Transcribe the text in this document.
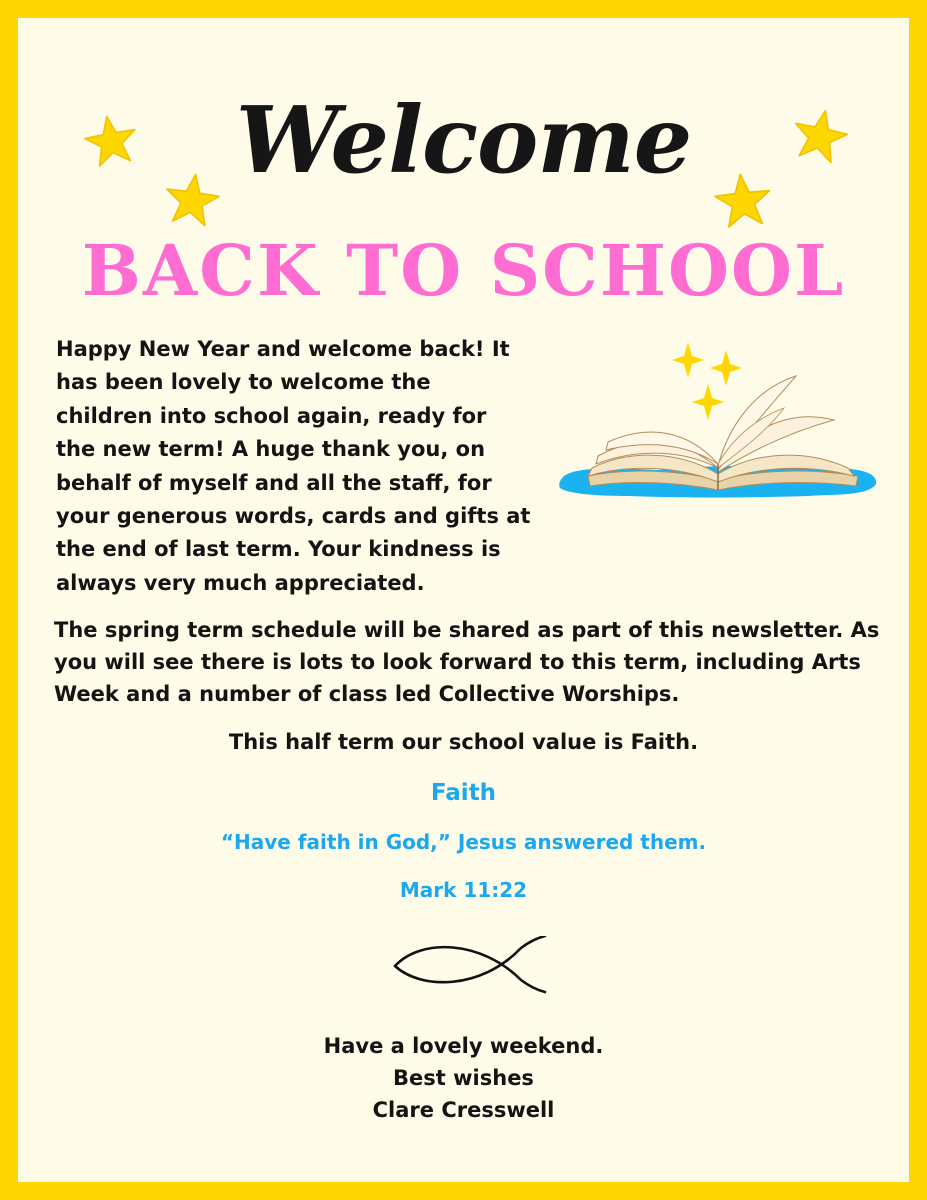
Welcome
BACK TO SCHOOL

Happy New Year and welcome back! It has been lovely to welcome the children into school again, ready for the new term! A huge thank you, on behalf of myself and all the staff, for your generous words, cards and gifts at the end of last term. Your kindness is always very much appreciated.

The spring term schedule will be shared as part of this newsletter. As you will see there is lots to look forward to this term, including Arts Week and a number of class led Collective Worships.

This half term our school value is Faith.

Faith

“Have faith in God,” Jesus answered them.

Mark 11:22

Have a lovely weekend.
Best wishes
Clare Cresswell
